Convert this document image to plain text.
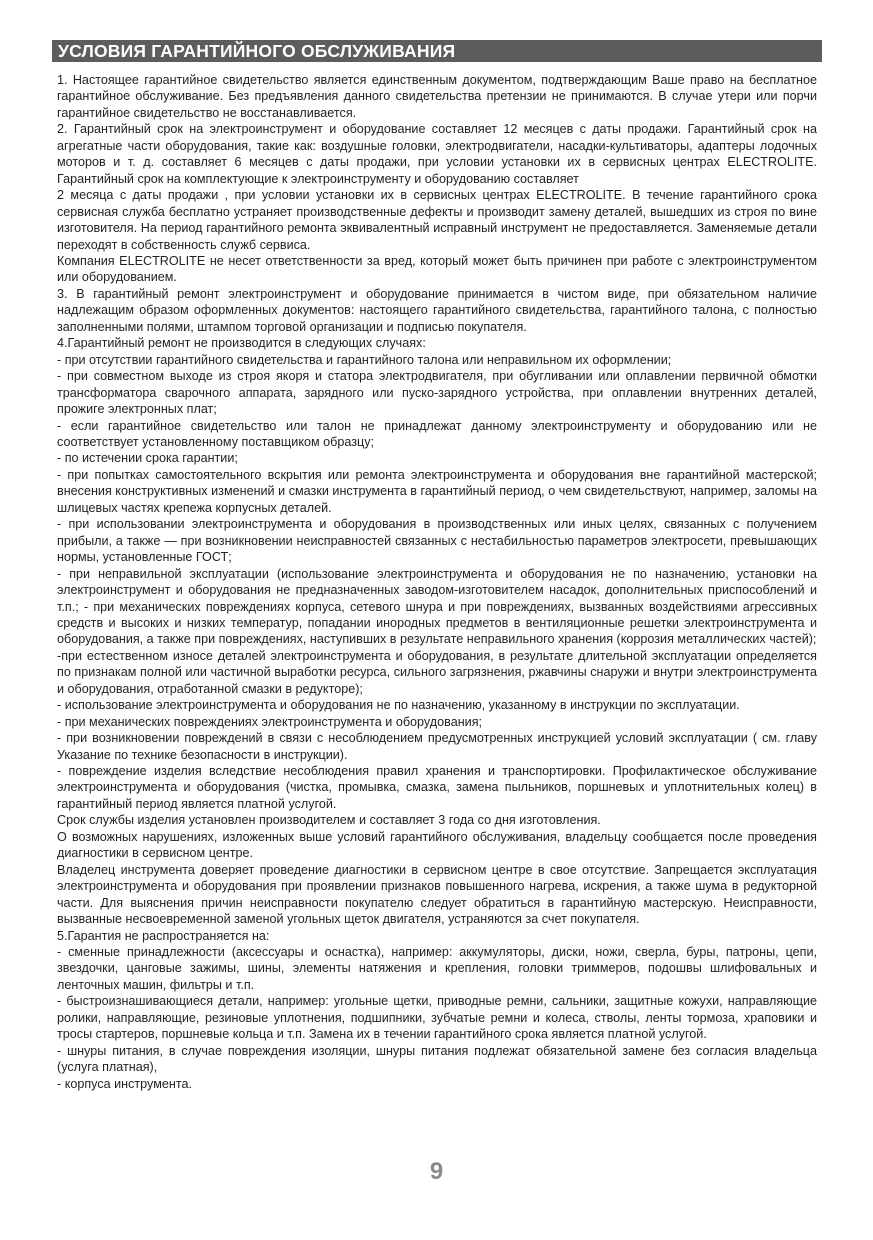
УСЛОВИЯ ГАРАНТИЙНОГО ОБСЛУЖИВАНИЯ

1. Настоящее гарантийное свидетельство является единственным документом, подтверждающим Ваше право на бесплатное гарантийное обслуживание. Без предъявления данного свидетельства претензии не принимаются. В случае утери или порчи гарантийное свидетельство не восстанавливается.

2. Гарантийный срок на электроинструмент и оборудование составляет 12 месяцев с даты продажи. Гарантийный срок на агрегатные части оборудования, такие как: воздушные головки, электродвигатели, насадки-культиваторы, адаптеры лодочных моторов и т. д. составляет 6 месяцев с даты продажи, при условии установки их в сервисных центрах ELECTROLITE. Гарантийный срок на комплектующие к электроинструменту и оборудованию составляет

2 месяца с даты продажи , при условии установки их в сервисных центрах ELECTROLITE. В течение гарантийного срока сервисная служба бесплатно устраняет производственные дефекты и производит замену деталей, вышедших из строя по вине изготовителя. На период гарантийного ремонта эквивалентный исправный инструмент не предоставляется. Заменяемые детали переходят в собственность служб сервиса.

Компания ELECTROLITE не несет ответственности за вред, который может быть причинен при работе с электроинструментом или оборудованием.

3. В гарантийный ремонт электроинструмент и оборудование принимается в чистом виде, при обязательном наличие надлежащим образом оформленных документов: настоящего гарантийного свидетельства, гарантийного талона, с полностью заполненными полями, штампом торговой организации и подписью покупателя.

4.Гарантийный ремонт не производится в следующих случаях:

- при отсутствии гарантийного свидетельства и гарантийного талона или неправильном их оформлении;

- при совместном выходе из строя якоря и статора электродвигателя, при обугливании или оплавлении первичной обмотки трансформатора сварочного аппарата, зарядного или пуско-зарядного устройства, при оплавлении внутренних деталей, прожиге электронных плат;

- если гарантийное свидетельство или талон не принадлежат данному электроинструменту и оборудованию или не соответствует установленному поставщиком образцу;

- по истечении срока гарантии;

- при попытках самостоятельного вскрытия или ремонта электроинструмента и оборудования вне гарантийной мастерской; внесения конструктивных изменений и смазки инструмента в гарантийный период, о чем свидетельствуют, например, заломы на шлицевых частях крепежа корпусных деталей.

- при использовании электроинструмента и оборудования в производственных или иных целях, связанных с получением прибыли, а также — при возникновении неисправностей связанных с нестабильностью параметров электросети, превышающих нормы, установленные ГОСТ;

- при неправильной эксплуатации (использование электроинструмента и оборудования не по назначению, установки на электроинструмент и оборудования не предназначенных заводом-изготовителем насадок, дополнительных приспособлений и т.п.; - при механических повреждениях корпуса, сетевого шнура и при повреждениях, вызванных воздействиями агрессивных средств и высоких и низких температур, попадании инородных предметов в вентиляционные решетки электроинструмента и оборудования, а также при повреждениях, наступивших в результате неправильного хранения (коррозия металлических частей);

-при естественном износе деталей электроинструмента и оборудования, в результате длительной эксплуатации определяется по признакам полной или частичной выработки ресурса, сильного загрязнения, ржавчины снаружи и внутри электроинструмента и оборудования, отработанной смазки в редукторе);

- использование электроинструмента и оборудования не по назначению, указанному в инструкции по эксплуатации.

- при механических повреждениях электроинструмента и оборудования;

- при возникновении повреждений в связи с несоблюдением предусмотренных инструкцией условий эксплуатации ( см. главу Указание по технике безопасности в инструкции).

- повреждение изделия вследствие несоблюдения правил хранения и транспортировки. Профилактическое обслуживание электроинструмента и оборудования (чистка, промывка, смазка, замена пыльников, поршневых и уплотнительных колец) в гарантийный период является платной услугой.

Срок службы изделия установлен производителем и составляет 3 года со дня изготовления.

О возможных нарушениях, изложенных выше условий гарантийного обслуживания, владельцу сообщается после проведения диагностики в сервисном центре.

Владелец инструмента доверяет проведение диагностики в сервисном центре в свое отсутствие. Запрещается эксплуатация электроинструмента и оборудования при проявлении признаков повышенного нагрева, искрения, а также шума в редукторной части. Для выяснения причин неисправности покупателю следует обратиться в гарантийную мастерскую. Неисправности, вызванные несвоевременной заменой угольных щеток двигателя, устраняются за счет покупателя.

5.Гарантия не распространяется на:

- сменные принадлежности (аксессуары и оснастка), например: аккумуляторы, диски, ножи, сверла, буры, патроны, цепи, звездочки, цанговые зажимы, шины, элементы натяжения и крепления, головки триммеров, подошвы шлифовальных и ленточных машин, фильтры и т.п.

- быстроизнашивающиеся детали, например: угольные щетки, приводные ремни, сальники, защитные кожухи, направляющие ролики, направляющие, резиновые уплотнения, подшипники, зубчатые ремни и колеса, стволы, ленты тормоза, храповики и тросы стартеров, поршневые кольца и т.п. Замена их в течении гарантийного срока является платной услугой.

- шнуры питания, в случае повреждения изоляции, шнуры питания подлежат обязательной замене без согласия владельца (услуга платная),

- корпуса инструмента.

9
